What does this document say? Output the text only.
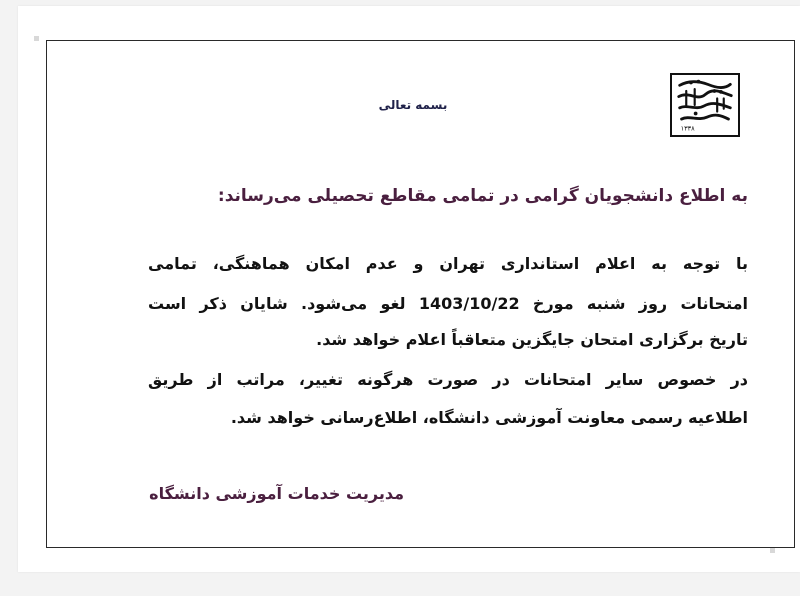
۱۳۳۸
بسمه تعالی
به اطلاع دانشجویان گرامی در تمامی مقاطع تحصیلی می‌رساند:
با توجه به اعلام استانداری تهران و عدم امکان هماهنگی، تمامی
امتحانات روز شنبه مورخ 1403/10/22 لغو می‌شود. شایان ذکر است
تاریخ برگزاری امتحان جایگزین متعاقباً اعلام خواهد شد.
در خصوص سایر امتحانات در صورت هرگونه تغییر، مراتب از طریق
اطلاعیه رسمی معاونت آموزشی دانشگاه، اطلاع‌رسانی خواهد شد.
مدیریت خدمات آموزشی دانشگاه
